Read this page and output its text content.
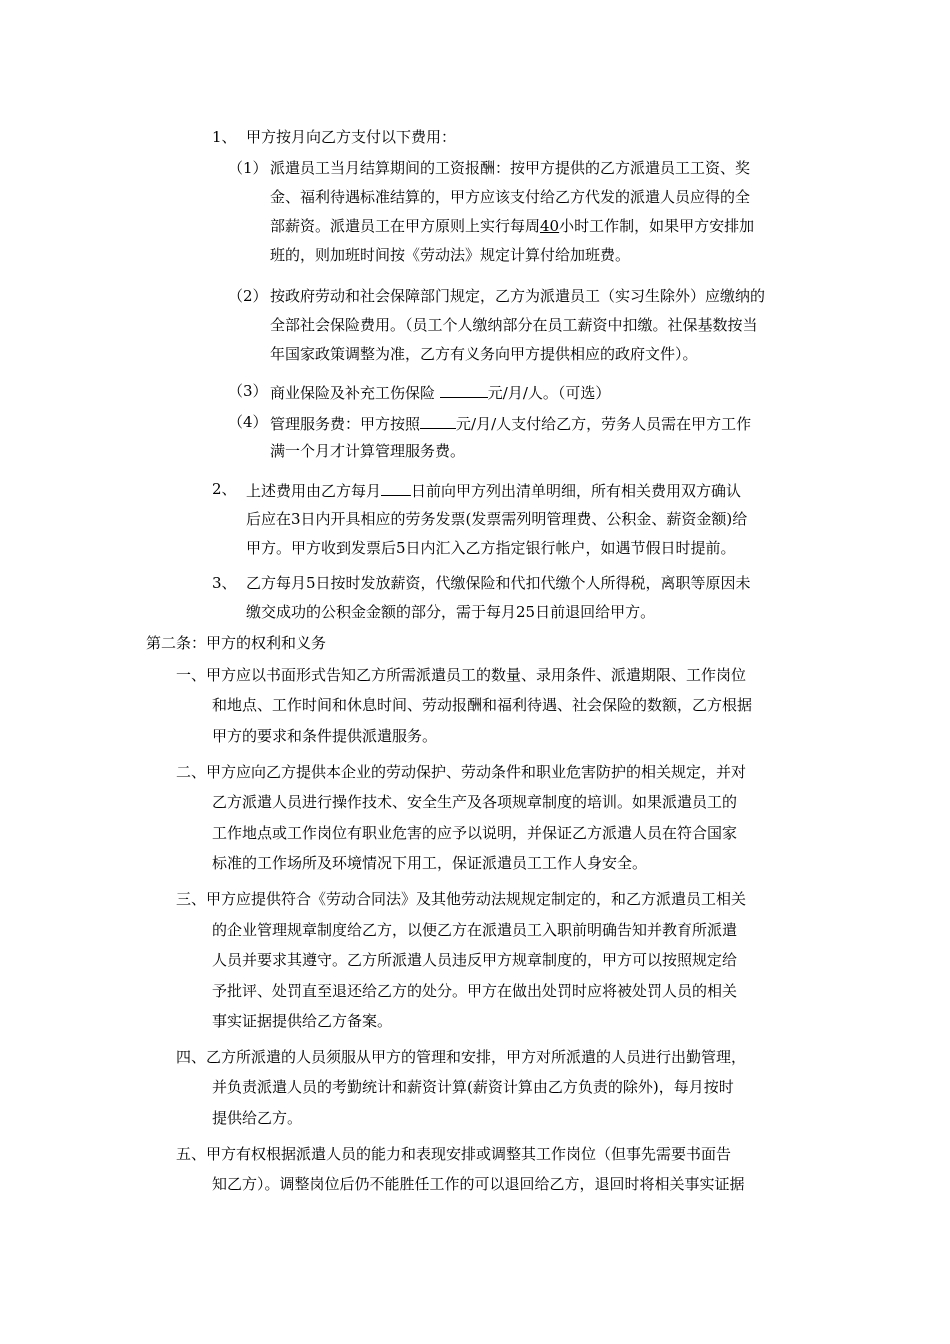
1、 甲方按月向乙方支付以下费用：
（1） 派遣员工当月结算期间的工资报酬：按甲方提供的乙方派遣员工工资、奖
金、福利待遇标准结算的，甲方应该支付给乙方代发的派遣人员应得的全
部薪资。派遣员工在甲方原则上实行每周40小时工作制，如果甲方安排加
班的，则加班时间按《劳动法》规定计算付给加班费。
（2） 按政府劳动和社会保障部门规定，乙方为派遣员工（实习生除外）应缴纳的
全部社会保险费用。（员工个人缴纳部分在员工薪资中扣缴。社保基数按当
年国家政策调整为准，乙方有义务向甲方提供相应的政府文件）。
（3） 商业保险及补充工伤保险	元/月/人。（可选）
（4） 管理服务费：甲方按照 元/月/人支付给乙方，劳务人员需在甲方工作
满一个月才计算管理服务费。
2、 上述费用由乙方每月 日前向甲方列出清单明细，所有相关费用双方确认
后应在3日内开具相应的劳务发票(发票需列明管理费、公积金、薪资金额)给
甲方。甲方收到发票后5日内汇入乙方指定银行帐户，如遇节假日时提前。
3、 乙方每月5日按时发放薪资，代缴保险和代扣代缴个人所得税，离职等原因未
缴交成功的公积金金额的部分，需于每月25日前退回给甲方。
第二条：甲方的权利和义务
一、甲方应以书面形式告知乙方所需派遣员工的数量、录用条件、派遣期限、工作岗位
和地点、工作时间和休息时间、劳动报酬和福利待遇、社会保险的数额，乙方根据
甲方的要求和条件提供派遣服务。
二、甲方应向乙方提供本企业的劳动保护、劳动条件和职业危害防护的相关规定，并对
乙方派遣人员进行操作技术、安全生产及各项规章制度的培训。如果派遣员工的
工作地点或工作岗位有职业危害的应予以说明，并保证乙方派遣人员在符合国家
标准的工作场所及环境情况下用工，保证派遣员工工作人身安全。
三、甲方应提供符合《劳动合同法》及其他劳动法规规定制定的，和乙方派遣员工相关
的企业管理规章制度给乙方，以便乙方在派遣员工入职前明确告知并教育所派遣
人员并要求其遵守。乙方所派遣人员违反甲方规章制度的，甲方可以按照规定给
予批评、处罚直至退还给乙方的处分。甲方在做出处罚时应将被处罚人员的相关
事实证据提供给乙方备案。
四、乙方所派遣的人员须服从甲方的管理和安排，甲方对所派遣的人员进行出勤管理，
并负责派遣人员的考勤统计和薪资计算(薪资计算由乙方负责的除外)，每月按时
提供给乙方。
五、甲方有权根据派遣人员的能力和表现安排或调整其工作岗位（但事先需要书面告
知乙方）。调整岗位后仍不能胜任工作的可以退回给乙方，退回时将相关事实证据
